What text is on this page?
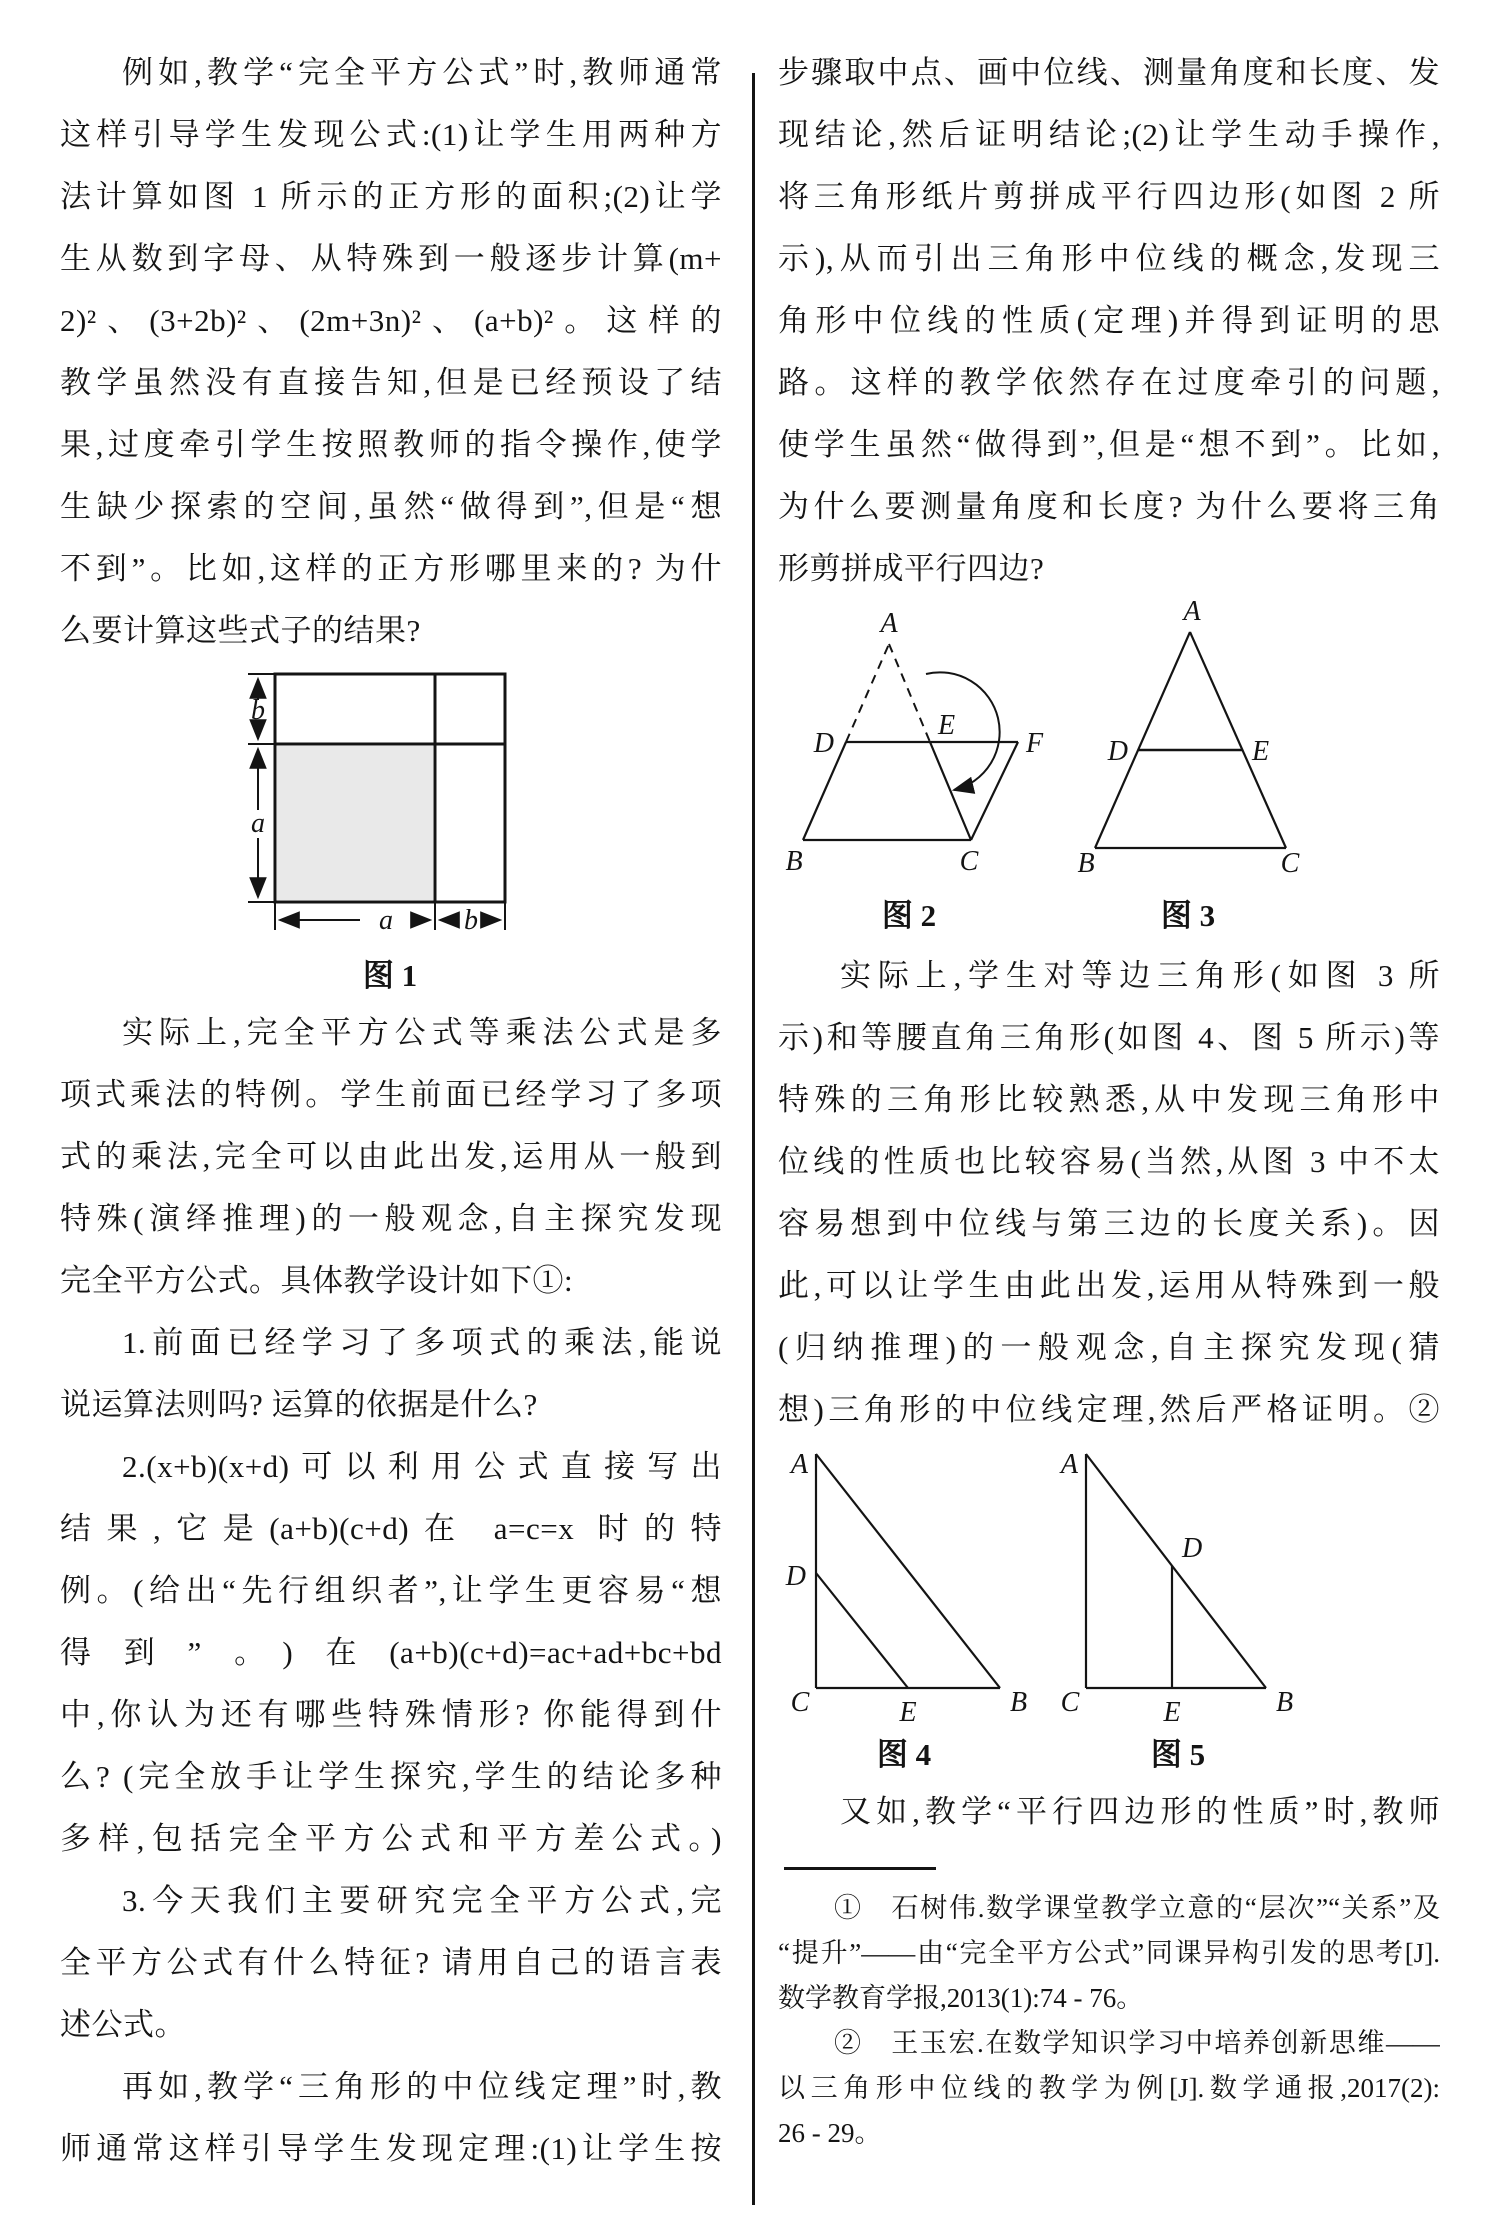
例如,教学“完全平方公式”时,教师通常
这样引导学生发现公式:(1)让学生用两种方
法计算如图 1 所示的正方形的面积;(2)让学
生从数到字母、从特殊到一般逐步计算(m+
2)²、(3+2b)²、(2m+3n)²、(a+b)²。这样的
教学虽然没有直接告知,但是已经预设了结
果,过度牵引学生按照教师的指令操作,使学
生缺少探索的空间,虽然“做得到”,但是“想
不到”。比如,这样的正方形哪里来的? 为什
么要计算这些式子的结果?
b
a
a	b
图 1
实际上,完全平方公式等乘法公式是多
项式乘法的特例。学生前面已经学习了多项
式的乘法,完全可以由此出发,运用从一般到
特殊(演绎推理)的一般观念,自主探究发现
完全平方公式。具体教学设计如下①:
1.前面已经学习了多项式的乘法,能说
说运算法则吗? 运算的依据是什么?
2.(x+b)(x+d)可以利用公式直接写出
结果,它是(a+b)(c+d)在 a=c=x 时的特
例。(给出“先行组织者”,让学生更容易“想
得到”。)在(a+b)(c+d)=ac+ad+bc+bd
中,你认为还有哪些特殊情形? 你能得到什
么? (完全放手让学生探究,学生的结论多种
多样,包括完全平方公式和平方差公式。)
3.今天我们主要研究完全平方公式,完
全平方公式有什么特征? 请用自己的语言表
述公式。
再如,教学“三角形的中位线定理”时,教
师通常这样引导学生发现定理:(1)让学生按
步骤取中点、画中位线、测量角度和长度、发
现结论,然后证明结论;(2)让学生动手操作,
将三角形纸片剪拼成平行四边形(如图 2 所
示),从而引出三角形中位线的概念,发现三
角形中位线的性质(定理)并得到证明的思
路。这样的教学依然存在过度牵引的问题,
使学生虽然“做得到”,但是“想不到”。比如,
为什么要测量角度和长度? 为什么要将三角
形剪拼成平行四边?
A
D
E
F
B	C
图 2
A
D	E
B	C
图 3
实际上,学生对等边三角形(如图 3 所
示)和等腰直角三角形(如图 4、图 5 所示)等
特殊的三角形比较熟悉,从中发现三角形中
位线的性质也比较容易(当然,从图 3 中不太
容易想到中位线与第三边的长度关系)。因
此,可以让学生由此出发,运用从特殊到一般
(归纳推理)的一般观念,自主探究发现(猜
想)三角形的中位线定理,然后严格证明。②
A
D
C	B
E
图 4
A
D
C	B
E
图 5
又如,教学“平行四边形的性质”时,教师
①　石树伟.数学课堂教学立意的“层次”“关系”及
“提升”——由“完全平方公式”同课异构引发的思考[J].
数学教育学报,2013(1):74 - 76。
②　王玉宏.在数学知识学习中培养创新思维——
以三角形中位线的教学为例[J].数学通报,2017(2):
26 - 29。
